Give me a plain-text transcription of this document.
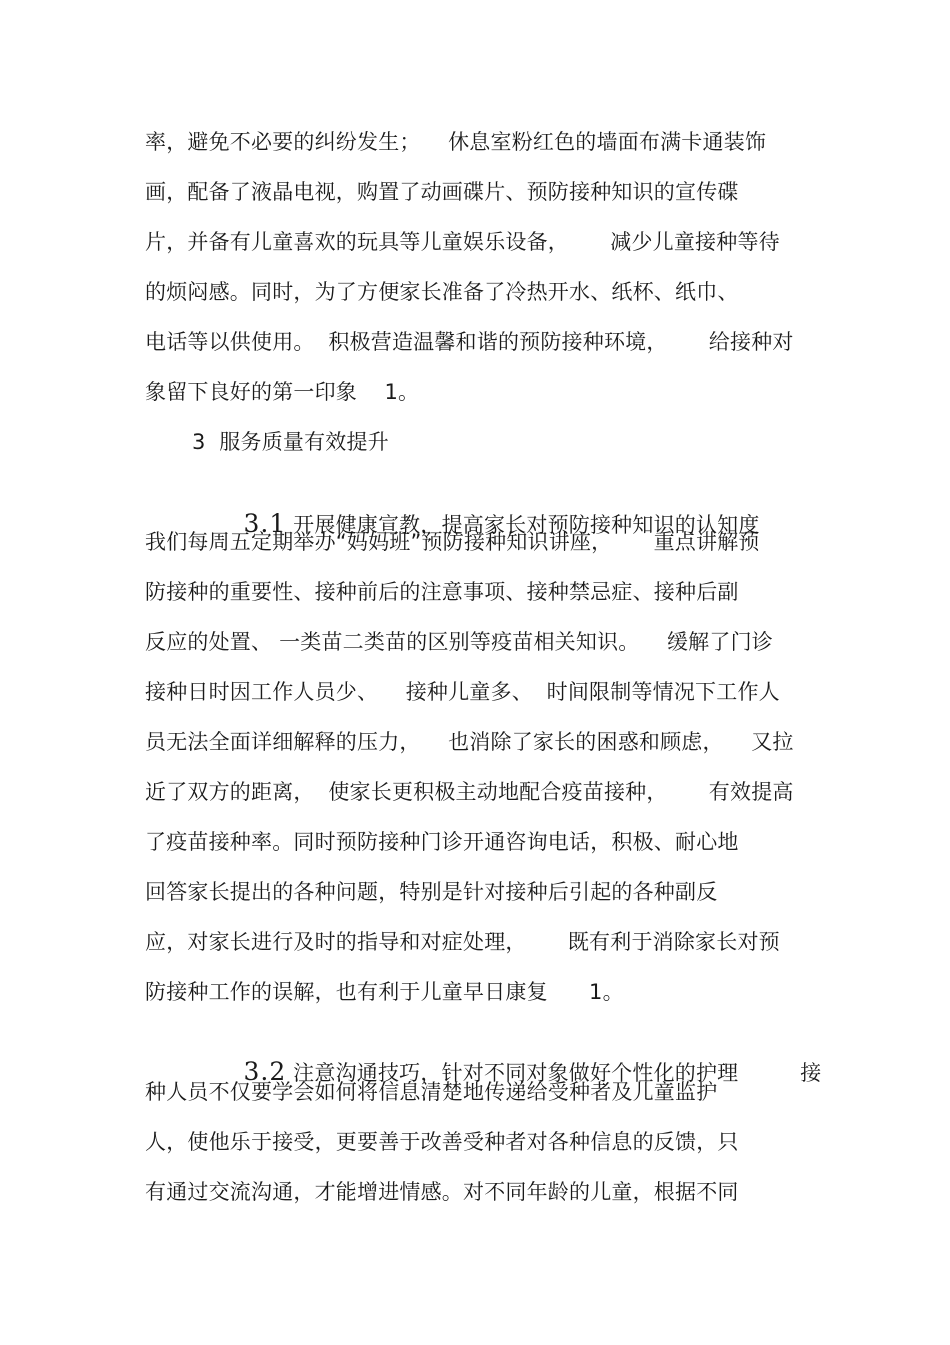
率，避免不必要的纠纷发生；    休息室粉红色的墙面布满卡通装饰
画，配备了液晶电视，购置了动画碟片、预防接种知识的宣传碟
片，并备有儿童喜欢的玩具等儿童娱乐设备，      减少儿童接种等待
的烦闷感。同时，为了方便家长准备了冷热开水、纸杯、纸巾、
电话等以供使用。  积极营造温馨和谐的预防接种环境，      给接种对
象留下良好的第一印象    1。
3  服务质量有效提升

3.1 开展健康宣教，提高家长对预防接种知识的认知度

我们每周五定期举办“妈妈班”预防接种知识讲座，      重点讲解预
防接种的重要性、接种前后的注意事项、接种禁忌症、接种后副
反应的处置、 一类苗二类苗的区别等疫苗相关知识。    缓解了门诊
接种日时因工作人员少、    接种儿童多、  时间限制等情况下工作人
员无法全面详细解释的压力，    也消除了家长的困惑和顾虑，    又拉
近了双方的距离，  使家长更积极主动地配合疫苗接种，      有效提高
了疫苗接种率。同时预防接种门诊开通咨询电话，积极、耐心地
回答家长提出的各种问题，特别是针对接种后引起的各种副反
应，对家长进行及时的指导和对症处理，      既有利于消除家长对预
防接种工作的误解，也有利于儿童早日康复      1。

3.2 注意沟通技巧，针对不同对象做好个性化的护理         接

种人员不仅要学会如何将信息清楚地传递给受种者及儿童监护
人，使他乐于接受，更要善于改善受种者对各种信息的反馈，只
有通过交流沟通，才能增进情感。对不同年龄的儿童，根据不同
